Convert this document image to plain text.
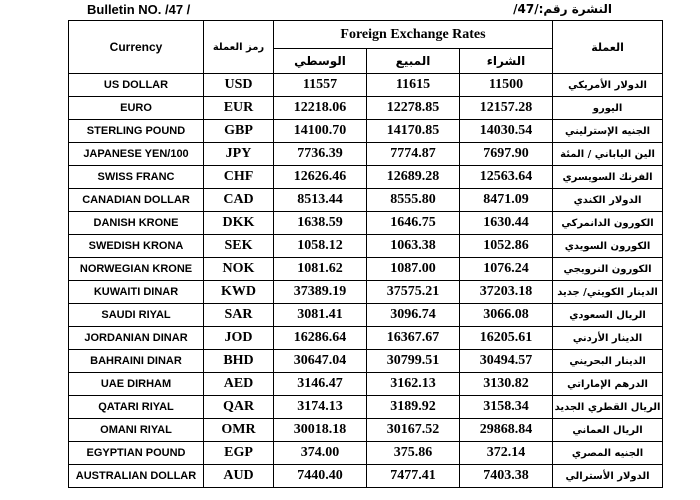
Bulletin NO. /47 /	النشرة رقم:/47/
Currency	رمز العملة	Foreign Exchange Rates			العملة
		الوسطي	المبيع	الشراء	
US DOLLAR	USD	11557	11615	11500	الدولار الأمريكي
EURO	EUR	12218.06	12278.85	12157.28	اليورو
STERLING POUND	GBP	14100.70	14170.85	14030.54	الجنيه الإسترليني
JAPANESE YEN/100	JPY	7736.39	7774.87	7697.90	الين الياباني / المئة
SWISS FRANC	CHF	12626.46	12689.28	12563.64	الفرنك السويسري
CANADIAN DOLLAR	CAD	8513.44	8555.80	8471.09	الدولار الكندي
DANISH KRONE	DKK	1638.59	1646.75	1630.44	الكورون الدانمركي
SWEDISH KRONA	SEK	1058.12	1063.38	1052.86	الكورون السويدي
NORWEGIAN KRONE	NOK	1081.62	1087.00	1076.24	الكورون النرويجي
KUWAITI DINAR	KWD	37389.19	37575.21	37203.18	الدينار الكويتي/ جديد
SAUDI RIYAL	SAR	3081.41	3096.74	3066.08	الريال السعودي
JORDANIAN DINAR	JOD	16286.64	16367.67	16205.61	الدينار الأردني
BAHRAINI DINAR	BHD	30647.04	30799.51	30494.57	الدينار البحريني
UAE DIRHAM	AED	3146.47	3162.13	3130.82	الدرهم الإماراتي
QATARI RIYAL	QAR	3174.13	3189.92	3158.34	الريال القطري الجديد
OMANI RIYAL	OMR	30018.18	30167.52	29868.84	الريال العماني
EGYPTIAN POUND	EGP	374.00	375.86	372.14	الجنيه المصري
AUSTRALIAN DOLLAR	AUD	7440.40	7477.41	7403.38	الدولار الأسترالي
